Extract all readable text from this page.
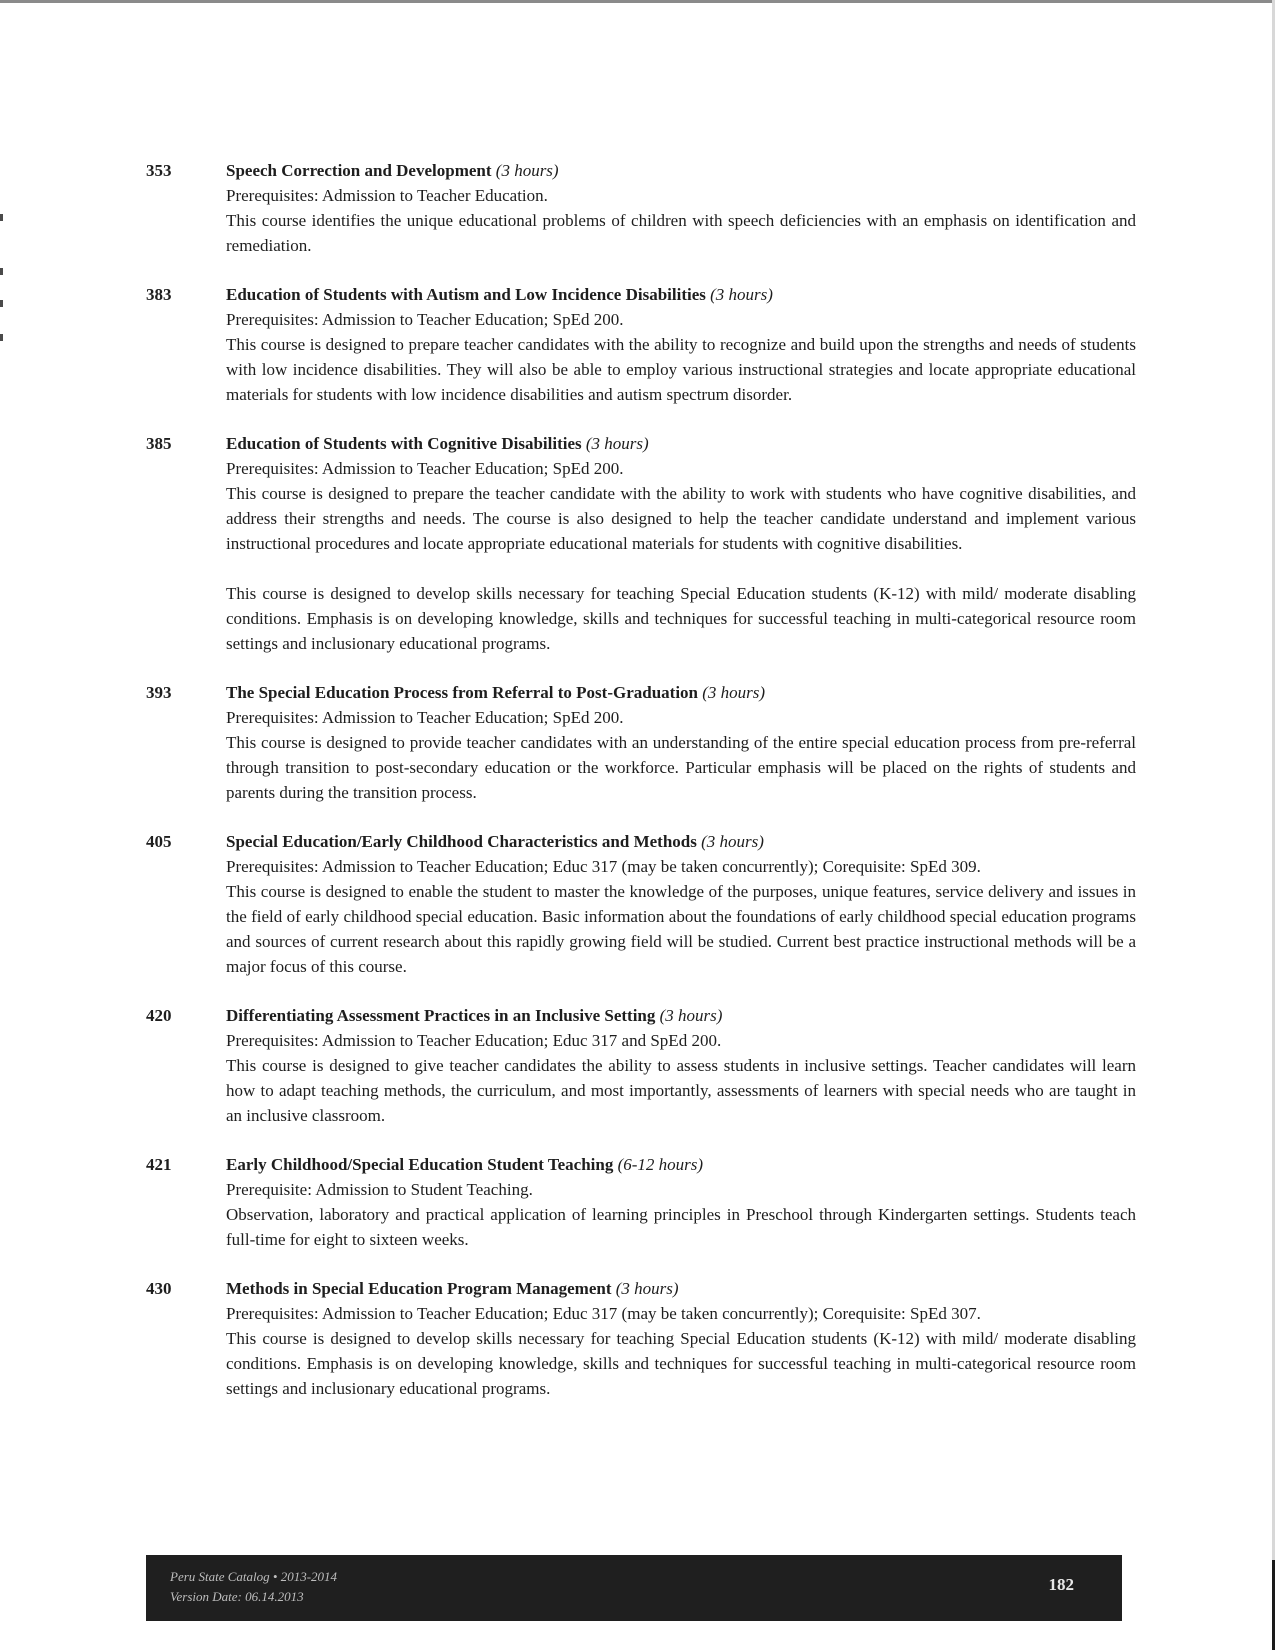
353	Speech Correction and Development (3 hours)
Prerequisites: Admission to Teacher Education.
This course identifies the unique educational problems of children with speech deficiencies with an emphasis on identification and remediation.
383	Education of Students with Autism and Low Incidence Disabilities (3 hours)
Prerequisites: Admission to Teacher Education; SpEd 200.
This course is designed to prepare teacher candidates with the ability to recognize and build upon the strengths and needs of students with low incidence disabilities. They will also be able to employ various instructional strategies and locate appropriate educational materials for students with low incidence disabilities and autism spectrum disorder.
385	Education of Students with Cognitive Disabilities (3 hours)
Prerequisites: Admission to Teacher Education; SpEd 200.
This course is designed to prepare the teacher candidate with the ability to work with students who have cognitive disabilities, and address their strengths and needs. The course is also designed to help the teacher candidate understand and implement various instructional procedures and locate appropriate educational materials for students with cognitive disabilities.
This course is designed to develop skills necessary for teaching Special Education students (K-12) with mild/ moderate disabling conditions. Emphasis is on developing knowledge, skills and techniques for successful teaching in multi-categorical resource room settings and inclusionary educational programs.
393	The Special Education Process from Referral to Post-Graduation (3 hours)
Prerequisites: Admission to Teacher Education; SpEd 200.
This course is designed to provide teacher candidates with an understanding of the entire special education process from pre-referral through transition to post-secondary education or the workforce. Particular emphasis will be placed on the rights of students and parents during the transition process.
405	Special Education/Early Childhood Characteristics and Methods (3 hours)
Prerequisites: Admission to Teacher Education; Educ 317 (may be taken concurrently); Corequisite: SpEd 309.
This course is designed to enable the student to master the knowledge of the purposes, unique features, service delivery and issues in the field of early childhood special education. Basic information about the foundations of early childhood special education programs and sources of current research about this rapidly growing field will be studied. Current best practice instructional methods will be a major focus of this course.
420	Differentiating Assessment Practices in an Inclusive Setting (3 hours)
Prerequisites: Admission to Teacher Education; Educ 317 and SpEd 200.
This course is designed to give teacher candidates the ability to assess students in inclusive settings. Teacher candidates will learn how to adapt teaching methods, the curriculum, and most importantly, assessments of learners with special needs who are taught in an inclusive classroom.
421	Early Childhood/Special Education Student Teaching (6-12 hours)
Prerequisite: Admission to Student Teaching.
Observation, laboratory and practical application of learning principles in Preschool through Kindergarten settings. Students teach full-time for eight to sixteen weeks.
430	Methods in Special Education Program Management (3 hours)
Prerequisites: Admission to Teacher Education; Educ 317 (may be taken concurrently); Corequisite: SpEd 307.
This course is designed to develop skills necessary for teaching Special Education students (K-12) with mild/ moderate disabling conditions. Emphasis is on developing knowledge, skills and techniques for successful teaching in multi-categorical resource room settings and inclusionary educational programs.
Peru State Catalog • 2013-2014
Version Date: 06.14.2013
182
